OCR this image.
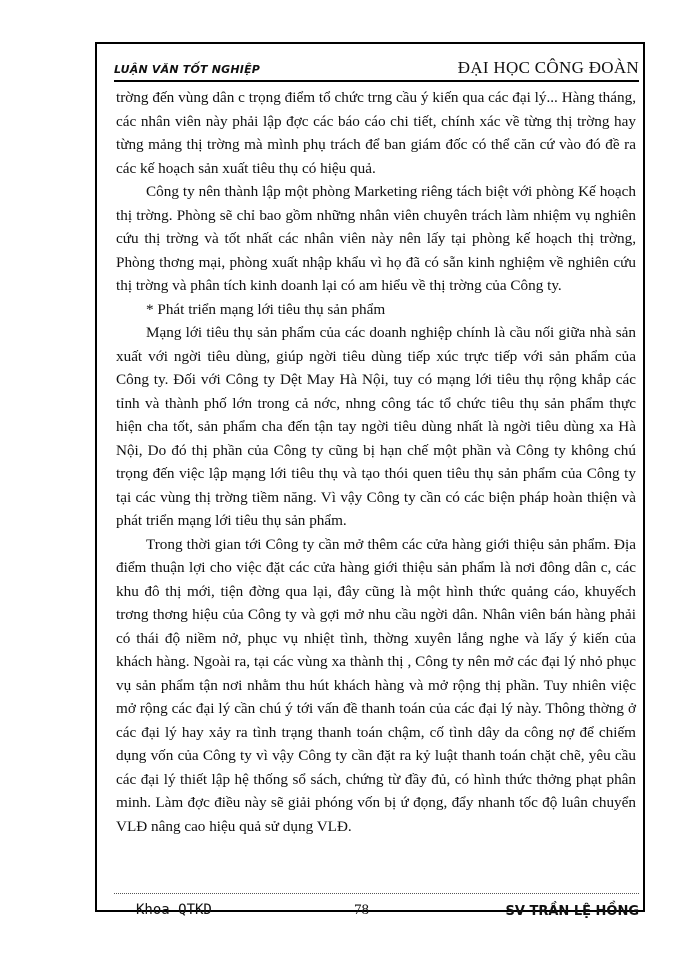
LUẬN VĂN TỐT NGHIỆP	ĐẠI HỌC CÔNG ĐOÀN

trờng đến vùng dân c trọng điểm tổ chức trng cầu ý kiến qua các đại lý... Hàng tháng, các nhân viên này phải lập đợc các báo cáo chi tiết, chính xác về từng thị trờng hay từng mảng thị trờng mà mình phụ trách để ban giám đốc có thể căn cứ vào đó đề ra các kế hoạch sản xuất tiêu thụ có hiệu quả.

Công ty nên thành lập một phòng Marketing riêng tách biệt với phòng Kế hoạch thị trờng. Phòng sẽ chỉ bao gồm những nhân viên chuyên trách làm nhiệm vụ nghiên cứu thị trờng và tốt nhất các nhân viên này nên lấy tại phòng kế hoạch thị trờng, Phòng thơng mại, phòng xuất nhập khẩu vì họ đã có sẵn kinh nghiệm về nghiên cứu thị trờng và phân tích kinh doanh lại có am hiểu về thị trờng của Công ty.

* Phát triển mạng lới tiêu thụ sản phẩm

Mạng lới tiêu thụ sản phẩm của các doanh nghiệp chính là cầu nối giữa nhà sản xuất với ngời tiêu dùng, giúp ngời tiêu dùng tiếp xúc trực tiếp với sản phẩm của Công ty. Đối với Công ty Dệt May Hà Nội, tuy có mạng lới tiêu thụ rộng khắp các tỉnh và thành phố lớn trong cả nớc, nhng công tác tổ chức tiêu thụ sản phẩm thực hiện cha tốt, sản phẩm cha đến tận tay ngời tiêu dùng nhất là ngời tiêu dùng xa Hà Nội, Do đó thị phần của Công ty cũng bị hạn chế một phần và Công ty không chú trọng đến việc lập mạng lới tiêu thụ và tạo thói quen tiêu thụ sản phẩm của Công ty tại các vùng thị trờng tiềm năng. Vì vậy Công ty cần có các biện pháp hoàn thiện và phát triển mạng lới tiêu thụ sản phẩm.

Trong thời gian tới Công ty cần mở thêm các cửa hàng giới thiệu sản phẩm. Địa điểm thuận lợi cho việc đặt các cửa hàng giới thiệu sản phẩm là nơi đông dân c, các khu đô thị mới, tiện đờng qua lại, đây cũng là một hình thức quảng cáo, khuyếch trơng thơng hiệu của Công ty và gợi mở nhu cầu ngời dân. Nhân viên bán hàng phải có thái độ niềm nở, phục vụ nhiệt tình, thờng xuyên lắng nghe và lấy ý kiến của khách hàng. Ngoài ra, tại các vùng xa thành thị , Công ty nên mở các đại lý nhỏ phục vụ sản phẩm tận nơi nhằm thu hút khách hàng và mở rộng thị phần. Tuy nhiên việc mở rộng các đại lý cần chú ý tới vấn đề thanh toán của các đại lý này. Thông thờng ở các đại lý hay xảy ra tình trạng thanh toán chậm, cố tình dây da công nợ để chiếm dụng vốn của Công ty vì vậy Công ty cần đặt ra kỷ luật thanh toán chặt chẽ, yêu cầu các đại lý thiết lập hệ thống sổ sách, chứng từ đầy đủ, có hình thức thởng phạt phân minh. Làm đợc điều này sẽ giải phóng vốn bị ứ đọng, đẩy nhanh tốc độ luân chuyển VLĐ nâng cao hiệu quả sử dụng VLĐ.

Khoa QTKD	78	SV TRẦN LỆ HỒNG
